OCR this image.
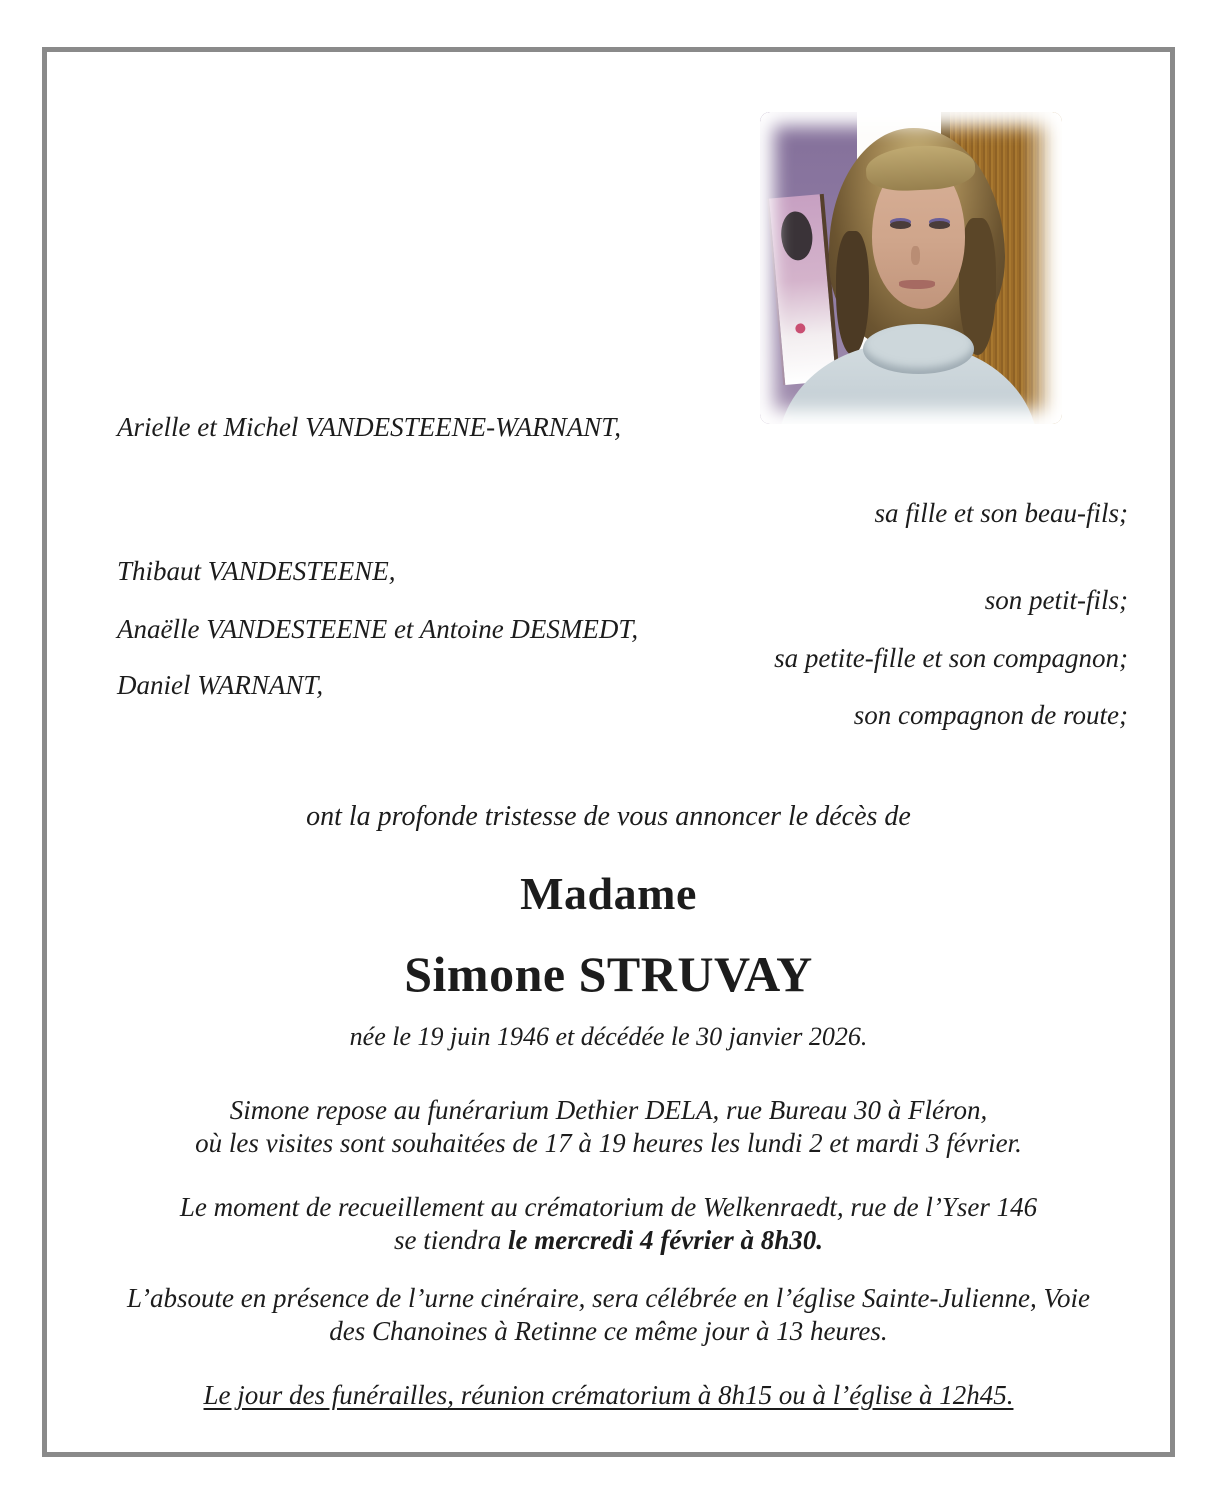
Arielle et Michel VANDESTEENE-WARNANT,
sa fille et son beau-fils;
Thibaut VANDESTEENE,
son petit-fils;
Anaëlle VANDESTEENE et Antoine DESMEDT,
sa petite-fille et son compagnon;
Daniel WARNANT,
son compagnon de route;
ont la profonde tristesse de vous annoncer le décès de
Madame
Simone STRUVAY
née le 19 juin 1946 et décédée le 30 janvier 2026.
Simone repose au funérarium Dethier DELA, rue Bureau 30 à Fléron,
où les visites sont souhaitées de 17 à 19 heures les lundi 2 et mardi 3 février.
Le moment de recueillement au crématorium de Welkenraedt, rue de l’Yser 146
se tiendra le mercredi 4 février à 8h30.
L’absoute en présence de l’urne cinéraire, sera célébrée en l’église Sainte-Julienne, Voie
des Chanoines à Retinne ce même jour à 13 heures.
Le jour des funérailles, réunion crématorium à 8h15 ou à l’église à 12h45.
